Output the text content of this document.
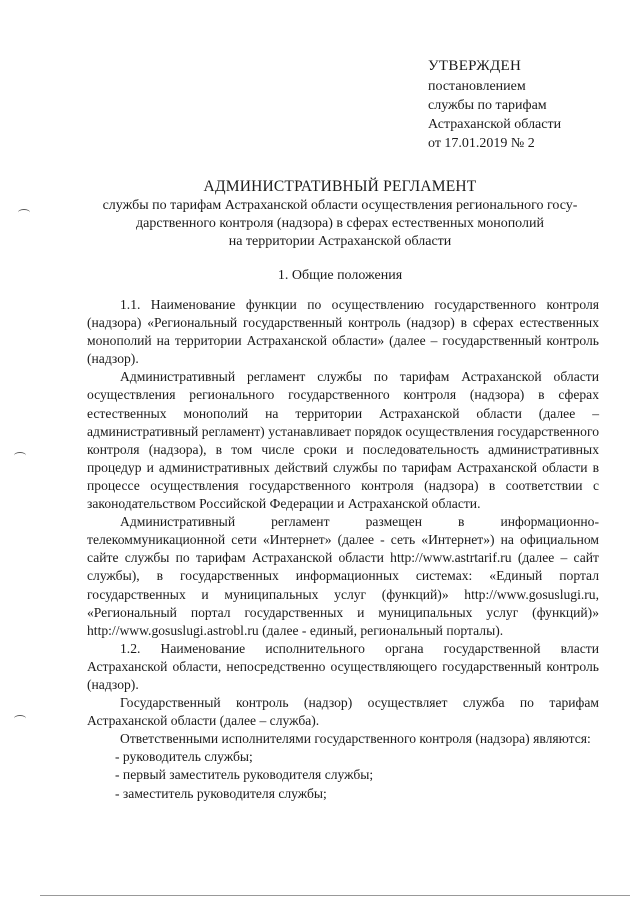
УТВЕРЖДЕН
постановлением
службы по тарифам
Астраханской области
от 17.01.2019 № 2
АДМИНИСТРАТИВНЫЙ РЕГЛАМЕНТ
службы по тарифам Астраханской области осуществления регионального госу-
дарственного контроля (надзора) в сферах естественных монополий
на территории Астраханской области
1. Общие положения

1.1. Наименование функции по осуществлению государственного контроля (надзора) «Региональный государственный контроль (надзор) в сферах естественных монополий на территории Астраханской области» (далее – государственный контроль (надзор).

Административный регламент службы по тарифам Астраханской области осуществления регионального государственного контроля (надзора) в сферах естественных монополий на территории Астраханской области (далее – административный регламент) устанавливает порядок осуществления государственного контроля (надзора), в том числе сроки и последовательность административных процедур и административных действий службы по тарифам Астраханской области в процессе осуществления государственного контроля (надзора) в соответствии с законодательством Российской Федерации и Астраханской области.

Административный регламент размещен в информационно-телекоммуникационной сети «Интернет» (далее - сеть «Интернет») на официальном сайте службы по тарифам Астраханской области http://www.astrtarif.ru (далее – сайт службы), в государственных информационных системах: «Единый портал государственных и муниципальных услуг (функций)» http://www.gosuslugi.ru, «Региональный портал государственных и муниципальных услуг (функций)» http://www.gosuslugi.astrobl.ru (далее - единый, региональный порталы).

1.2. Наименование исполнительного органа государственной власти Астраханской области, непосредственно осуществляющего государственный контроль (надзор).

Государственный контроль (надзор) осуществляет служба по тарифам Астраханской области (далее – служба).

Ответственными исполнителями государственного контроля (надзора) являются:

- руководитель службы;
- первый заместитель руководителя службы;
- заместитель руководителя службы;
